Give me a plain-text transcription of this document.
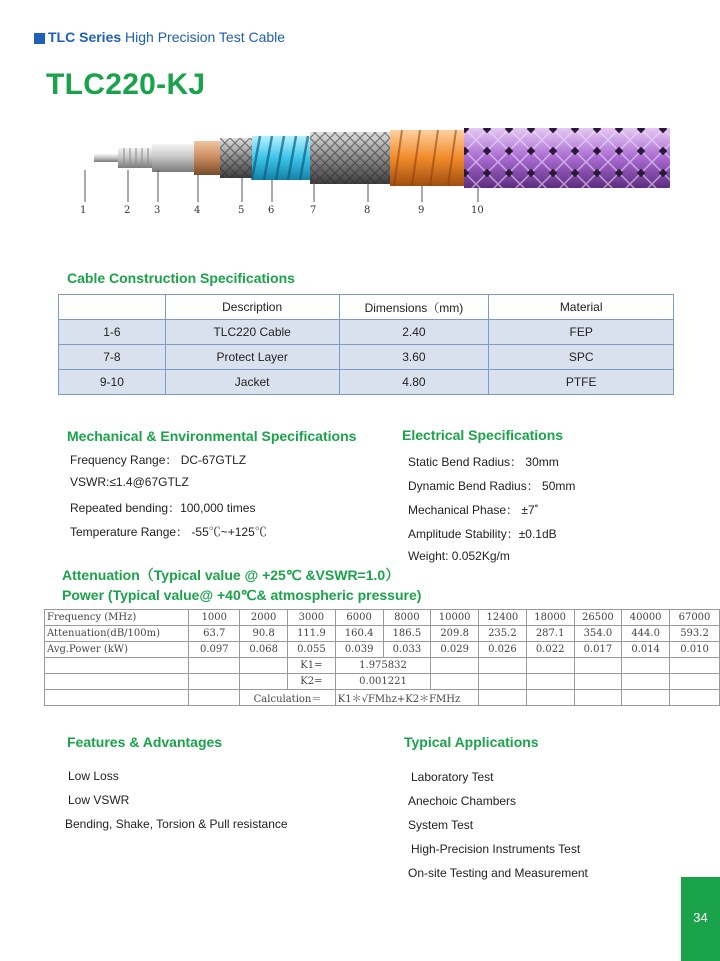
TLC Series High Precision Test Cable
TLC220-KJ
1	2 3	4	5 6	7	8	9	10
Cable Construction Specifications
	Description	Dimensions（mm)	Material
1-6	TLC220 Cable	2.40	FEP
7-8	Protect Layer	3.60	SPC
9-10	Jacket	4.80	PTFE
Mechanical & Environmental Specifications
Frequency Range： DC-67GTLZ
VSWR:≤1.4@67GTLZ
Repeated bending：100,000 times
Temperature Range： -55℃~+125℃
Electrical Specifications
Static Bend Radius： 30mm
Dynamic Bend Radius： 50mm
Mechanical Phase： ±7˚
Amplitude Stability：±0.1dB
Weight: 0.052Kg/m
Attenuation（Typical value @ +25℃ &VSWR=1.0）
Power (Typical value@ +40℃& atmospheric pressure)
Frequency (MHz)	1000	2000	3000	6000	8000	10000	12400	18000	26500	40000	67000
Attenuation(dB/100m)	63.7	90.8	111.9	160.4	186.5	209.8	235.2	287.1	354.0	444.0	593.2
Avg.Power (kW)	0.097	0.068	0.055	0.039	0.033	0.029	0.026	0.022	0.017	0.014	0.010
			K1=	1.975832							
			K2=	0.001221							
		Calculation＝		K1＊√FMhz+K2＊FMHz							
Features & Advantages
Low Loss
Low VSWR
Bending, Shake, Torsion & Pull resistance
Typical Applications
Laboratory Test
Anechoic Chambers
System Test
High-Precision Instruments Test
On-site Testing and Measurement
34
